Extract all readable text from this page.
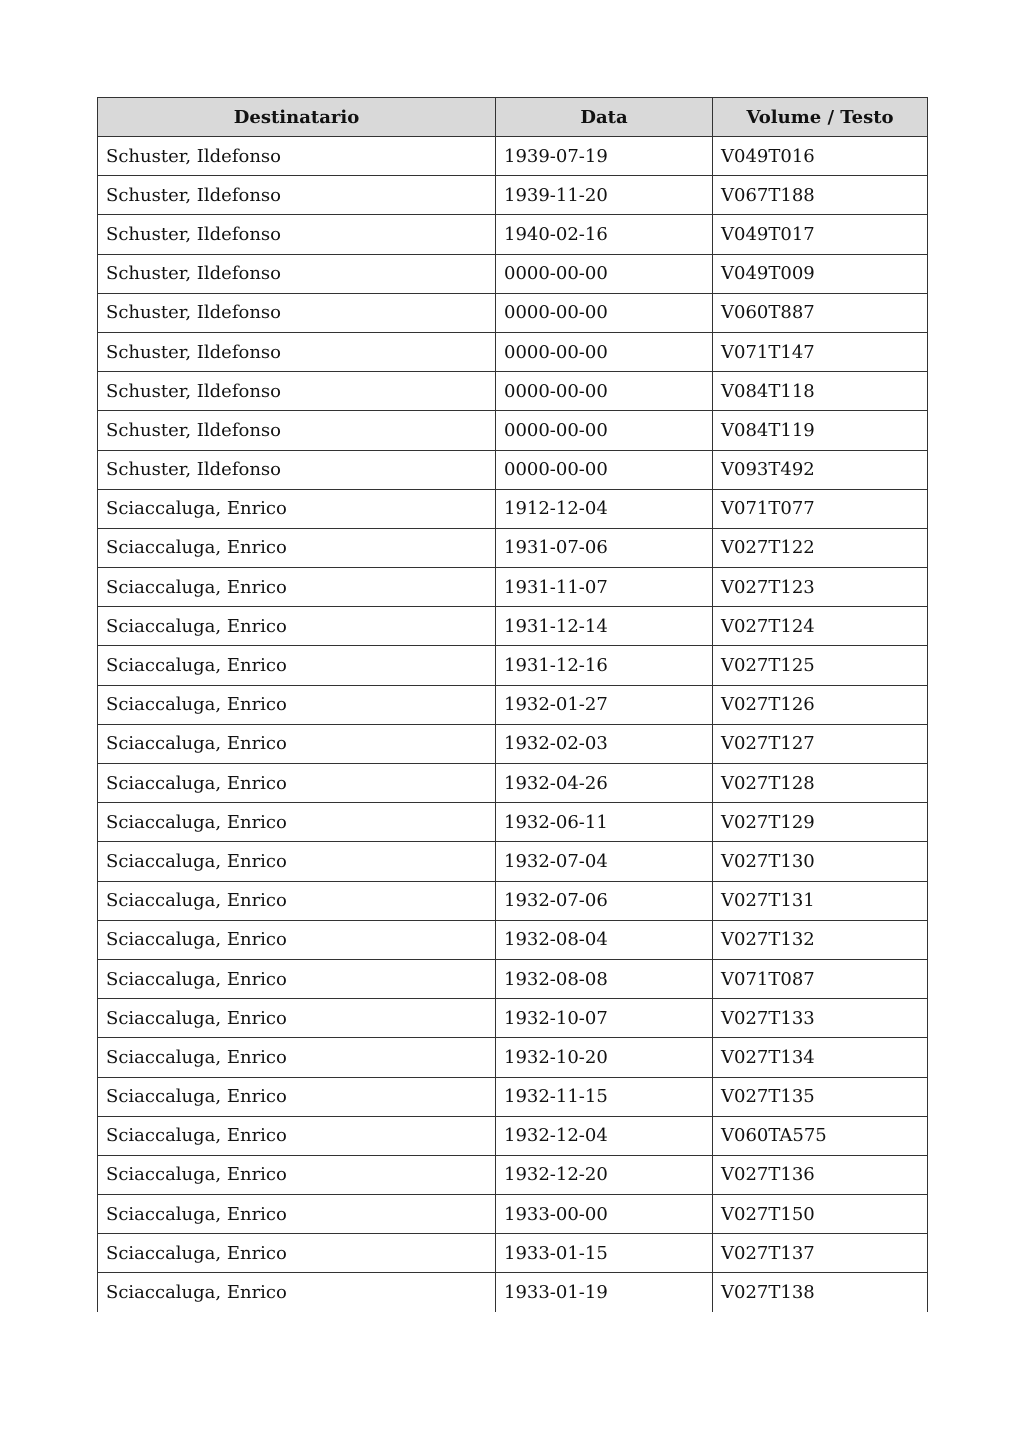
Destinatario	Data	Volume / Testo
Schuster, Ildefonso	1939-07-19	V049T016
Schuster, Ildefonso	1939-11-20	V067T188
Schuster, Ildefonso	1940-02-16	V049T017
Schuster, Ildefonso	0000-00-00	V049T009
Schuster, Ildefonso	0000-00-00	V060T887
Schuster, Ildefonso	0000-00-00	V071T147
Schuster, Ildefonso	0000-00-00	V084T118
Schuster, Ildefonso	0000-00-00	V084T119
Schuster, Ildefonso	0000-00-00	V093T492
Sciaccaluga, Enrico	1912-12-04	V071T077
Sciaccaluga, Enrico	1931-07-06	V027T122
Sciaccaluga, Enrico	1931-11-07	V027T123
Sciaccaluga, Enrico	1931-12-14	V027T124
Sciaccaluga, Enrico	1931-12-16	V027T125
Sciaccaluga, Enrico	1932-01-27	V027T126
Sciaccaluga, Enrico	1932-02-03	V027T127
Sciaccaluga, Enrico	1932-04-26	V027T128
Sciaccaluga, Enrico	1932-06-11	V027T129
Sciaccaluga, Enrico	1932-07-04	V027T130
Sciaccaluga, Enrico	1932-07-06	V027T131
Sciaccaluga, Enrico	1932-08-04	V027T132
Sciaccaluga, Enrico	1932-08-08	V071T087
Sciaccaluga, Enrico	1932-10-07	V027T133
Sciaccaluga, Enrico	1932-10-20	V027T134
Sciaccaluga, Enrico	1932-11-15	V027T135
Sciaccaluga, Enrico	1932-12-04	V060TA575
Sciaccaluga, Enrico	1932-12-20	V027T136
Sciaccaluga, Enrico	1933-00-00	V027T150
Sciaccaluga, Enrico	1933-01-15	V027T137
Sciaccaluga, Enrico	1933-01-19	V027T138
